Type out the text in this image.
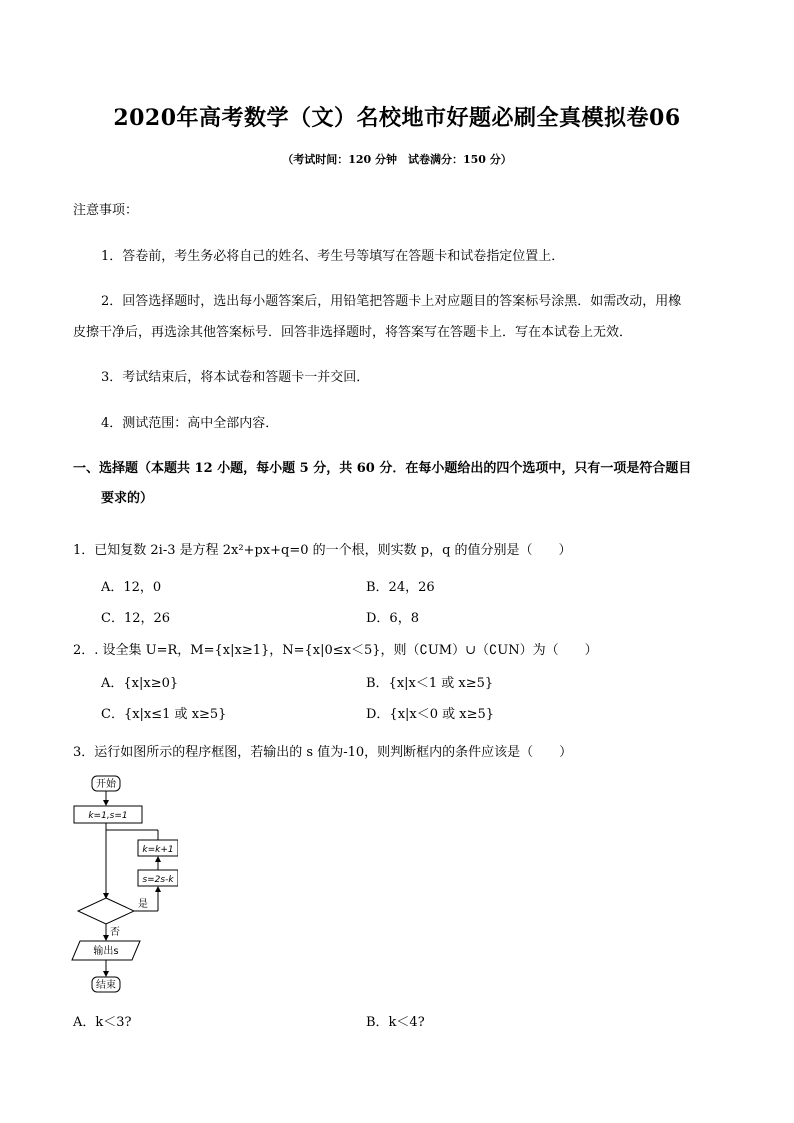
2020年高考数学（文）名校地市好题必刷全真模拟卷06
（考试时间：120 分钟　试卷满分：150 分）
注意事项：
1．答卷前，考生务必将自己的姓名、考生号等填写在答题卡和试卷指定位置上．
2．回答选择题时，选出每小题答案后，用铅笔把答题卡上对应题目的答案标号涂黑．如需改动，用橡
皮擦干净后，再选涂其他答案标号．回答非选择题时，将答案写在答题卡上．写在本试卷上无效．
3．考试结束后，将本试卷和答题卡一并交回．
4．测试范围：高中全部内容．
一、选择题（本题共 12 小题，每小题 5 分，共 60 分．在每小题给出的四个选项中，只有一项是符合题目
要求的）
1．已知复数 2i-3 是方程 2x²+px+q=0 的一个根，则实数 p，q 的值分别是（　　）
A．12，0	B．24，26
C．12，26	D．6，8
2．. 设全集 U=R，M={x|x≥1}，N={x|0≤x＜5}，则（∁UM）∪（∁UN）为（　　）
A．{x|x≥0}	B．{x|x＜1 或 x≥5}
C．{x|x≤1 或 x≥5}	D．{x|x＜0 或 x≥5}
3．运行如图所示的程序框图，若输出的 s 值为-10，则判断框内的条件应该是（　　）
开始
k=1,s=1
k=k+1
s=2s-k
是
否
输出s
结束
A．k＜3?	B．k＜4?
